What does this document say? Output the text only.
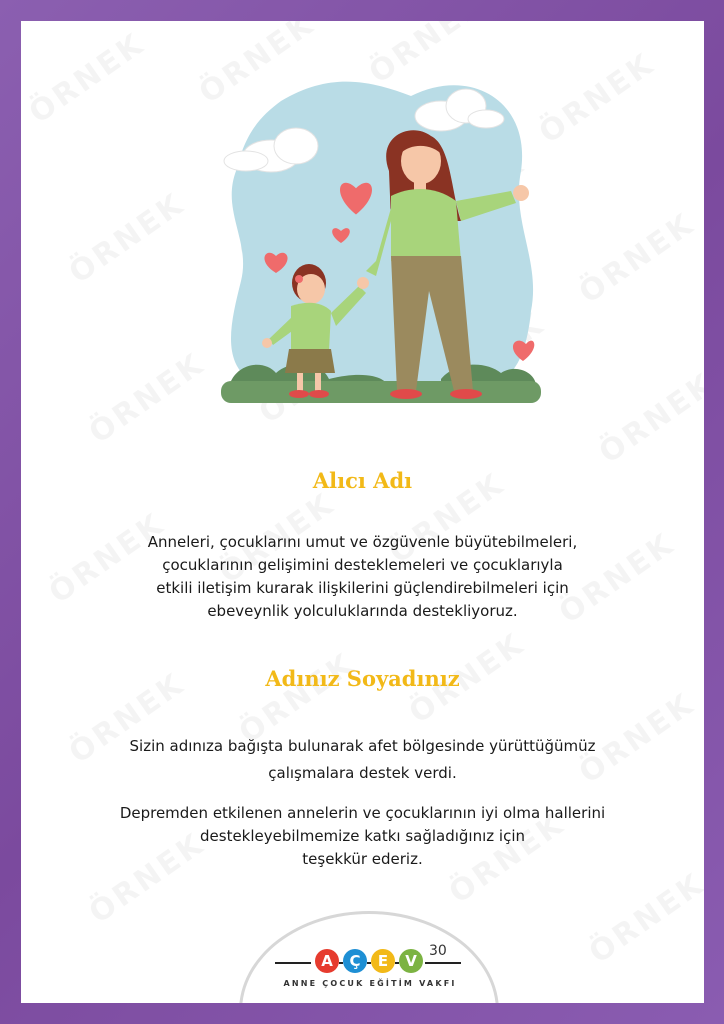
Alıcı Adı
Anneleri, çocuklarını umut ve özgüvenle büyütebilmeleri,
çocuklarının gelişimini desteklemeleri ve çocuklarıyla
etkili iletişim kurarak ilişkilerini güçlendirebilmeleri için
ebeveynlik yolculuklarında destekliyoruz.
Adınız Soyadınız
Sizin adınıza bağışta bulunarak afet bölgesinde yürüttüğümüz
çalışmalara destek verdi.
Depremden etkilenen annelerin ve çocuklarının iyi olma hallerini
destekleyebilmemize katkı sağladığınız için
teşekkür ederiz.
A	Ç	E	V
30
ANNE ÇOCUK EĞİTİM VAKFI
